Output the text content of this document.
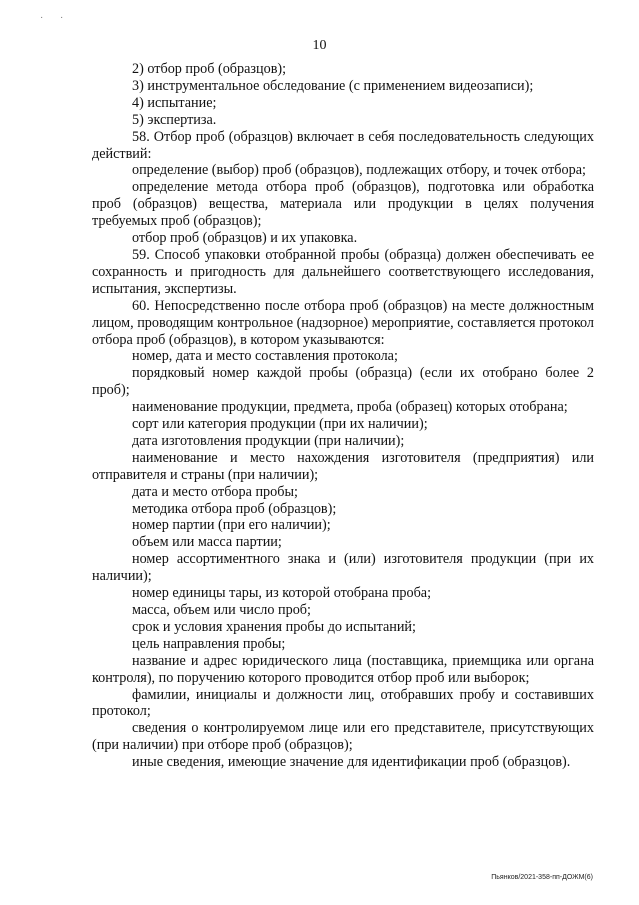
·      ·
10

2) отбор проб (образцов);

3) инструментальное обследование (с применением видеозаписи);

4) испытание;

5) экспертиза.

58. Отбор проб (образцов) включает в себя последовательность следующих действий:

определение (выбор) проб (образцов), подлежащих отбору, и точек отбора;

определение метода отбора проб (образцов), подготовка или обработка проб (образцов) вещества, материала или продукции в целях получения требуемых проб (образцов);

отбор проб (образцов) и их упаковка.

59. Способ упаковки отобранной пробы (образца) должен обеспечивать ее сохранность и пригодность для дальнейшего соответствующего исследования, испытания, экспертизы.

60. Непосредственно после отбора проб (образцов) на месте должностным лицом, проводящим контрольное (надзорное) мероприятие, составляется протокол отбора проб (образцов), в котором указываются:

номер, дата и место составления протокола;

порядковый номер каждой пробы (образца) (если их отобрано более 2 проб);

наименование продукции, предмета, проба (образец) которых отобрана;

сорт или категория продукции (при их наличии);

дата изготовления продукции (при наличии);

наименование и место нахождения изготовителя (предприятия) или отправителя и страны (при наличии);

дата и место отбора пробы;

методика отбора проб (образцов);

номер партии (при его наличии);

объем или масса партии;

номер ассортиментного знака и (или) изготовителя продукции (при их наличии);

номер единицы тары, из которой отобрана проба;

масса, объем или число проб;

срок и условия хранения пробы до испытаний;

цель направления пробы;

название и адрес юридического лица (поставщика, приемщика или органа контроля), по поручению которого проводится отбор проб или выборок;

фамилии, инициалы и должности лиц, отобравших пробу и составивших протокол;

сведения о контролируемом лице или его представителе, присутствующих (при наличии) при отборе проб (образцов);

иные сведения, имеющие значение для идентификации проб (образцов).

Пьянков/2021-358-пп-ДОЖМ(6)
